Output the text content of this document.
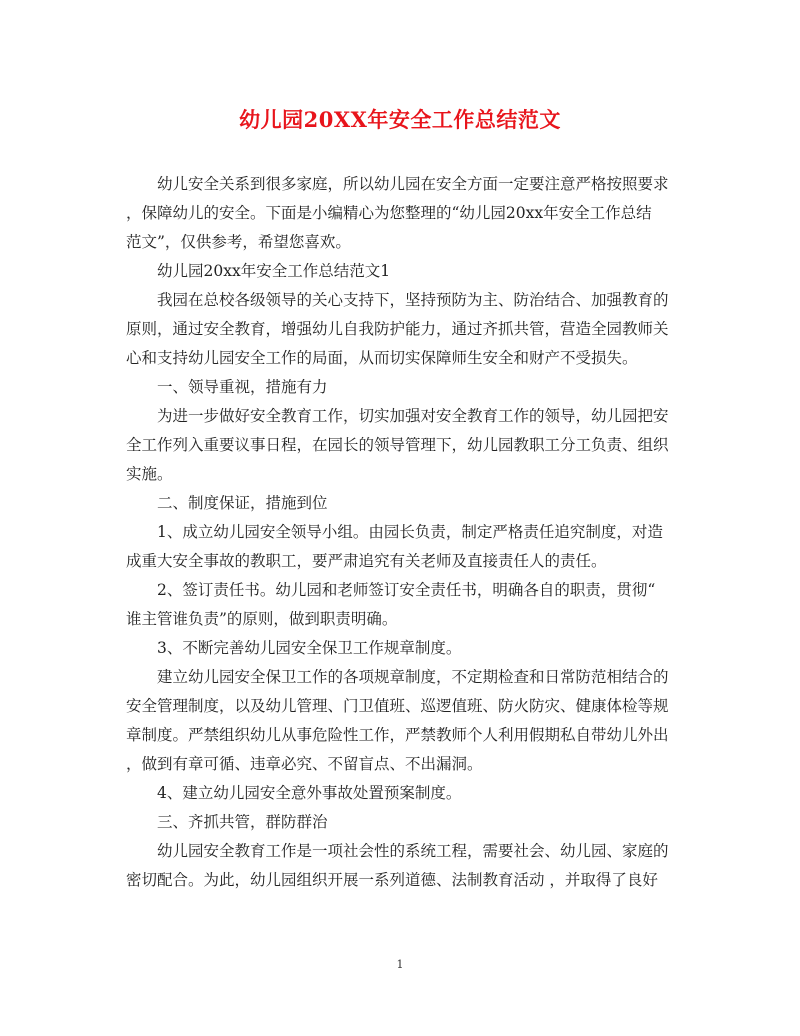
幼儿园20XX年安全工作总结范文

　　幼儿安全关系到很多家庭，所以幼儿园在安全方面一定要注意严格按照要求

，保障幼儿的安全。下面是小编精心为您整理的“幼儿园20xx年安全工作总结

范文”，仅供参考，希望您喜欢。

　　幼儿园20xx年安全工作总结范文1

　　我园在总校各级领导的关心支持下，坚持预防为主、防治结合、加强教育的

原则，通过安全教育，增强幼儿自我防护能力，通过齐抓共管，营造全园教师关

心和支持幼儿园安全工作的局面，从而切实保障师生安全和财产不受损失。

　　一、领导重视，措施有力

　　为进一步做好安全教育工作，切实加强对安全教育工作的领导，幼儿园把安

全工作列入重要议事日程，在园长的领导管理下，幼儿园教职工分工负责、组织

实施。

　　二、制度保证，措施到位

　　1、成立幼儿园安全领导小组。由园长负责，制定严格责任追究制度，对造

成重大安全事故的教职工，要严肃追究有关老师及直接责任人的责任。

　　2、签订责任书。幼儿园和老师签订安全责任书，明确各自的职责，贯彻“

谁主管谁负责”的原则，做到职责明确。

　　3、不断完善幼儿园安全保卫工作规章制度。

　　建立幼儿园安全保卫工作的各项规章制度，不定期检查和日常防范相结合的

安全管理制度，以及幼儿管理、门卫值班、巡逻值班、防火防灾、健康体检等规

章制度。严禁组织幼儿从事危险性工作，严禁教师个人利用假期私自带幼儿外出

，做到有章可循、违章必究、不留盲点、不出漏洞。

　　4、建立幼儿园安全意外事故处置预案制度。

　　三、齐抓共管，群防群治

　　幼儿园安全教育工作是一项社会性的系统工程，需要社会、幼儿园、家庭的

密切配合。为此，幼儿园组织开展一系列道德、法制教育活动 ，并取得了良好

1
